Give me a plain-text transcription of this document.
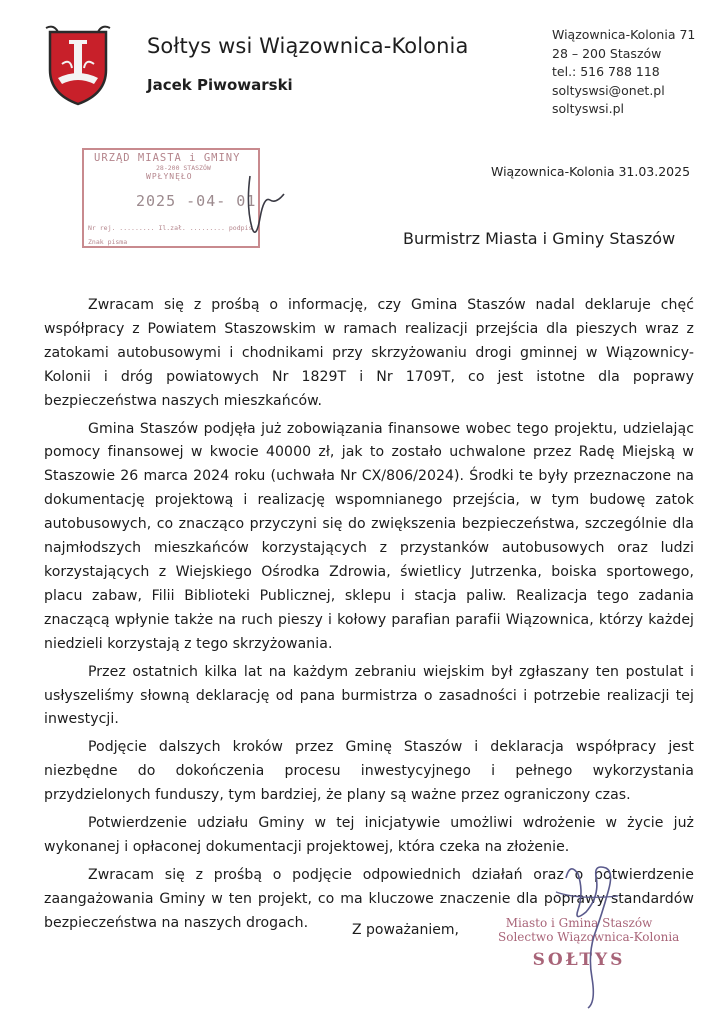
Sołtys wsi Wiązownica-Kolonia
Jacek Piwowarski
Wiązownica-Kolonia 71
28 – 200 Staszów
tel.: 516 788 118
soltyswsi@onet.pl
soltyswsi.pl
URZĄD MIASTA i GMINY
28-200 STASZÓW
WPŁYNĘŁO
2025 -04- 01
Nr rej. ......... Il.zał. ......... podpis
Znak pisma
Wiązownica-Kolonia 31.03.2025
Burmistrz Miasta i Gminy Staszów

Zwracam się z prośbą o informację, czy Gmina Staszów nadal deklaruje chęć współpracy z Powiatem Staszowskim w ramach realizacji przejścia dla pieszych wraz z zatokami autobusowymi i chodnikami przy skrzyżowaniu drogi gminnej w Wiązownicy-Kolonii i dróg powiatowych Nr 1829T i Nr 1709T, co jest istotne dla poprawy bezpieczeństwa naszych mieszkańców.

Gmina Staszów podjęła już zobowiązania finansowe wobec tego projektu, udzielając pomocy finansowej w kwocie 40000 zł, jak to zostało uchwalone przez Radę Miejską w Staszowie 26 marca 2024 roku (uchwała Nr CX/806/2024). Środki te były przeznaczone na dokumentację projektową i realizację wspomnianego przejścia, w tym budowę zatok autobusowych, co znacząco przyczyni się do zwiększenia bezpieczeństwa, szczególnie dla najmłodszych mieszkańców korzystających z przystanków autobusowych oraz ludzi korzystających z Wiejskiego Ośrodka Zdrowia, świetlicy Jutrzenka, boiska sportowego, placu zabaw, Filii Biblioteki Publicznej, sklepu i stacja paliw. Realizacja tego zadania znaczącą wpłynie także na ruch pieszy i kołowy parafian parafii Wiązownica, którzy każdej niedzieli korzystają z tego skrzyżowania.

Przez ostatnich kilka lat na każdym zebraniu wiejskim był zgłaszany ten postulat i usłyszeliśmy słowną deklarację od pana burmistrza o zasadności i potrzebie realizacji tej inwestycji.

Podjęcie dalszych kroków przez Gminę Staszów i deklaracja współpracy jest niezbędne do dokończenia procesu inwestycyjnego i pełnego wykorzystania przydzielonych funduszy, tym bardziej, że plany są ważne przez ograniczony czas.

Potwierdzenie udziału Gminy w tej inicjatywie umożliwi wdrożenie w życie już wykonanej i opłaconej dokumentacji projektowej, która czeka na złożenie.

Zwracam się z prośbą o podjęcie odpowiednich działań oraz o potwierdzenie zaangażowania Gminy w ten projekt, co ma kluczowe znaczenie dla poprawy standardów bezpieczeństwa na naszych drogach.	Z poważaniem,	Miasto i Gmina Staszów
Solectwo Wiązownica-Kolonia
SOŁTYS
